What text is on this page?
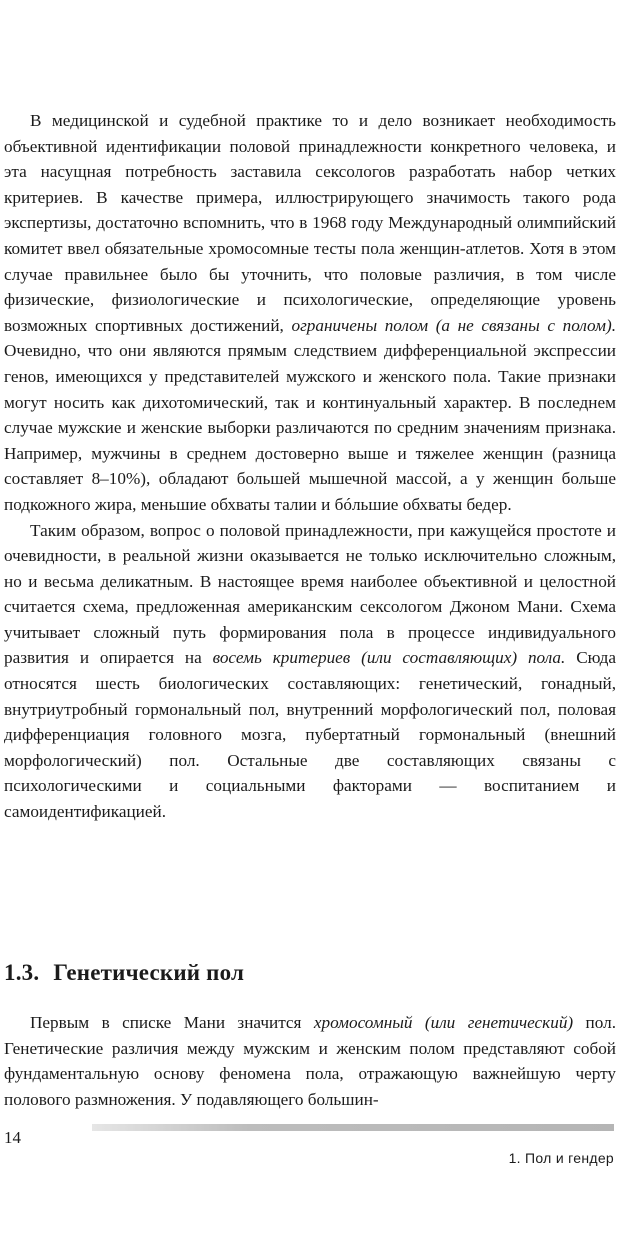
В медицинской и судебной практике то и дело возникает необходимость объективной идентификации половой принадлежности конкретного человека, и эта насущная потребность заставила сексологов разработать набор четких критериев. В качестве примера, иллюстрирующего значимость такого рода экспертизы, достаточно вспомнить, что в 1968 году Международный олимпийский комитет ввел обязательные хромосомные тесты пола женщин-атлетов. Хотя в этом случае правильнее было бы уточнить, что половые различия, в том числе физические, физиологические и психологические, определяющие уровень возможных спортивных достижений, ограничены полом (а не связаны с полом). Очевидно, что они являются прямым следствием дифференциальной экспрессии генов, имеющихся у представителей мужского и женского пола. Такие признаки могут носить как дихотомический, так и континуальный характер. В последнем случае мужские и женские выборки различаются по средним значениям признака. Например, мужчины в среднем достоверно выше и тяжелее женщин (разница составляет 8–10%), обладают большей мышечной массой, а у женщин больше подкожного жира, меньшие обхваты талии и бóльшие обхваты бедер.

Таким образом, вопрос о половой принадлежности, при кажущейся простоте и очевидности, в реальной жизни оказывается не только исключительно сложным, но и весьма деликатным. В настоящее время наиболее объективной и целостной считается схема, предложенная американским сексологом Джоном Мани. Схема учитывает сложный путь формирования пола в процессе индивидуального развития и опирается на восемь критериев (или составляющих) пола. Сюда относятся шесть биологических составляющих: генетический, гонадный, внутриутробный гормональный пол, внутренний морфологический пол, половая дифференциация головного мозга, пубертатный гормональный (внешний морфологический) пол. Остальные две составляющих связаны с психологическими и социальными факторами — воспитанием и самоидентификацией.

1.3. Генетический пол

Первым в списке Мани значится хромосомный (или генетический) пол. Генетические различия между мужским и женским полом представляют собой фундаментальную основу феномена пола, отражающую важнейшую черту полового размножения. У подавляющего большин-

14
1. Пол и гендер
